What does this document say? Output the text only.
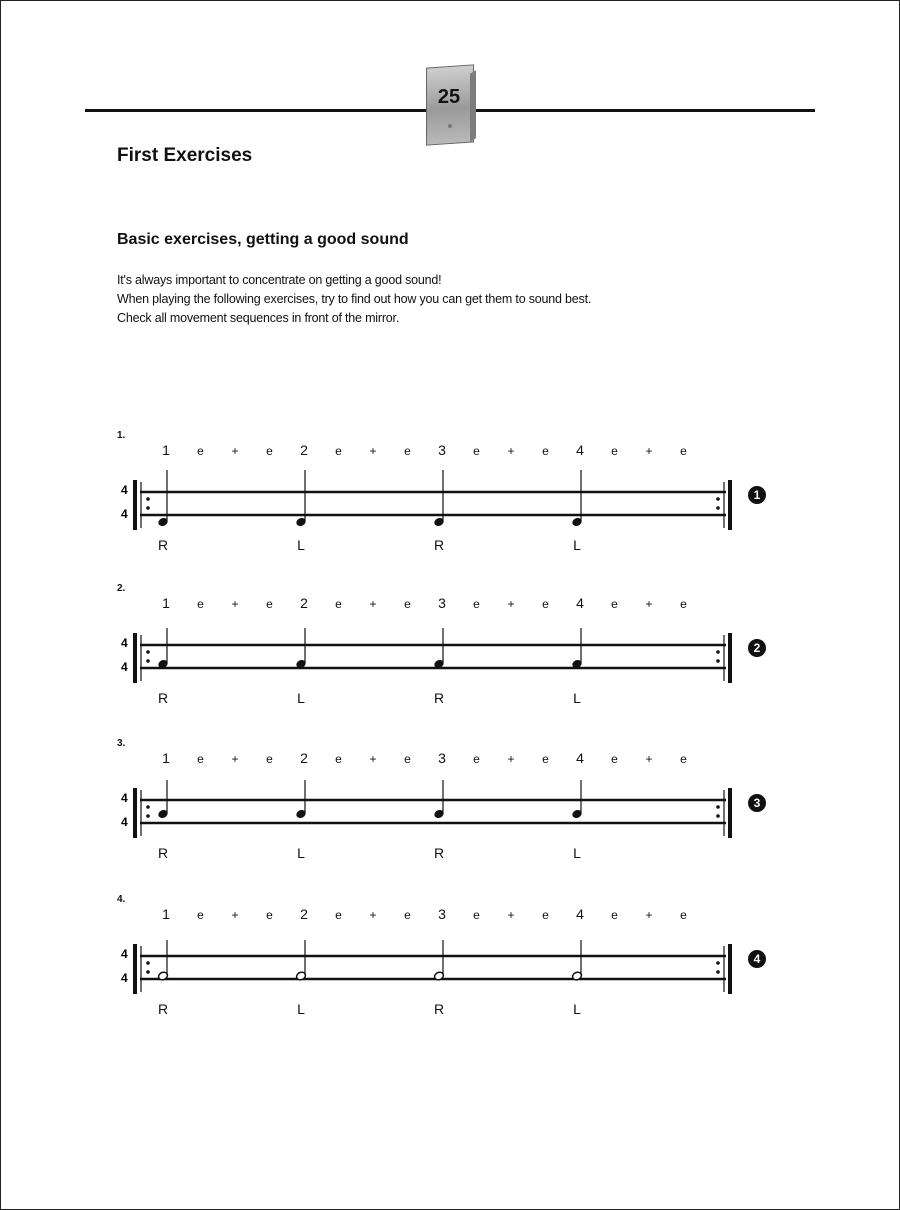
25
First Exercises
Basic exercises, getting a good sound

It's always important to concentrate on getting a good sound!

When playing the following exercises, try to find out how you can get them to sound best.

Check all movement sequences in front of the mirror.

1.
1 e + e 2 e + e 3 e + e 4 e + e
4
4
R	L	R	L
1
2.
1 e + e 2 e + e 3 e + e 4 e + e
4
4
R	L	R	L
2
3.
1 e + e 2 e + e 3 e + e 4 e + e
4
4
R	L	R	L
3
4.
1 e + e 2 e + e 3 e + e 4 e + e
4
4
R	L	R	L
4
